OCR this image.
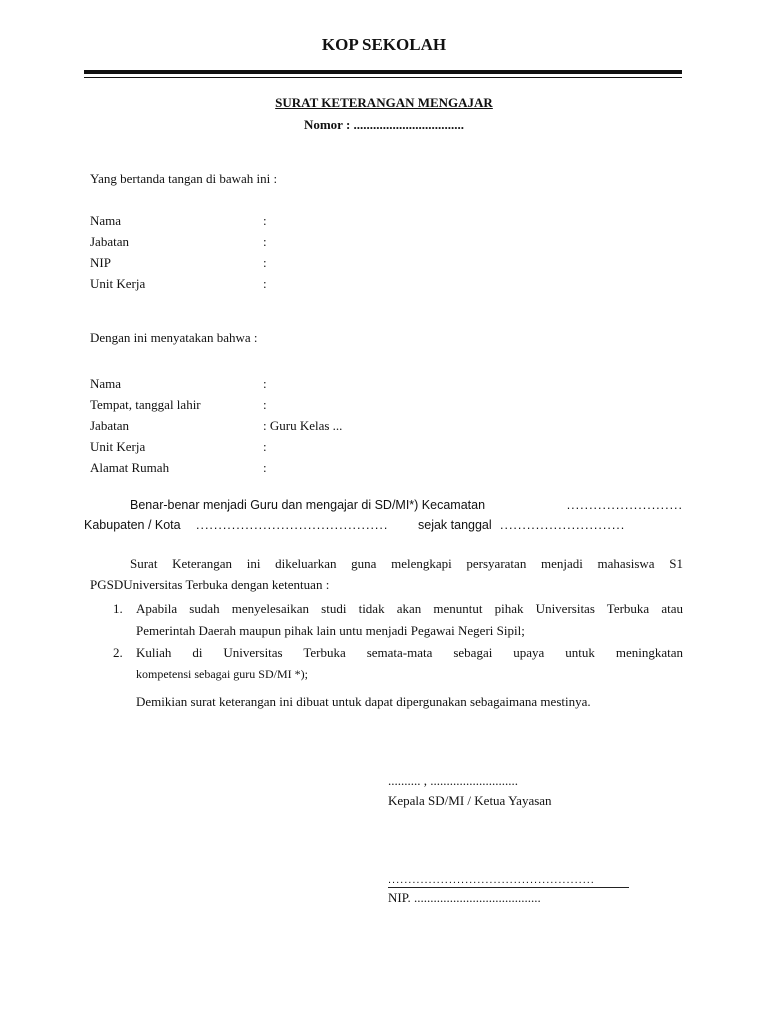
KOP SEKOLAH
SURAT KETERANGAN MENGAJAR
Nomor : ..................................
Yang bertanda tangan di bawah ini :
Nama	:
Jabatan	:
NIP	:
Unit Kerja	:
Dengan ini menyatakan bahwa :
Nama	:
Tempat, tanggal lahir	:
Jabatan	: Guru Kelas ...
Unit Kerja	:
Alamat Rumah	:
Benar-benar menjadi Guru dan mengajar di SD/MI*) Kecamatan	..........................
Kabupaten / Kota ........................................... sejak tanggal ............................
Surat Keterangan ini dikeluarkan guna melengkapi persyaratan menjadi mahasiswa S1
PGSDUniversitas Terbuka dengan ketentuan :
1. Apabila sudah menyelesaikan studi tidak akan menuntut pihak Universitas Terbuka atau
Pemerintah Daerah maupun pihak lain untu menjadi Pegawai Negeri Sipil;
2. Kuliah di Universitas Terbuka semata-mata sebagai upaya untuk meningkatan
kompetensi sebagai guru SD/MI *);
Demikian surat keterangan ini dibuat untuk dapat dipergunakan sebagaimana mestinya.
.......... , ...........................
Kepala SD/MI / Ketua Yayasan
...................................................
NIP. .......................................
